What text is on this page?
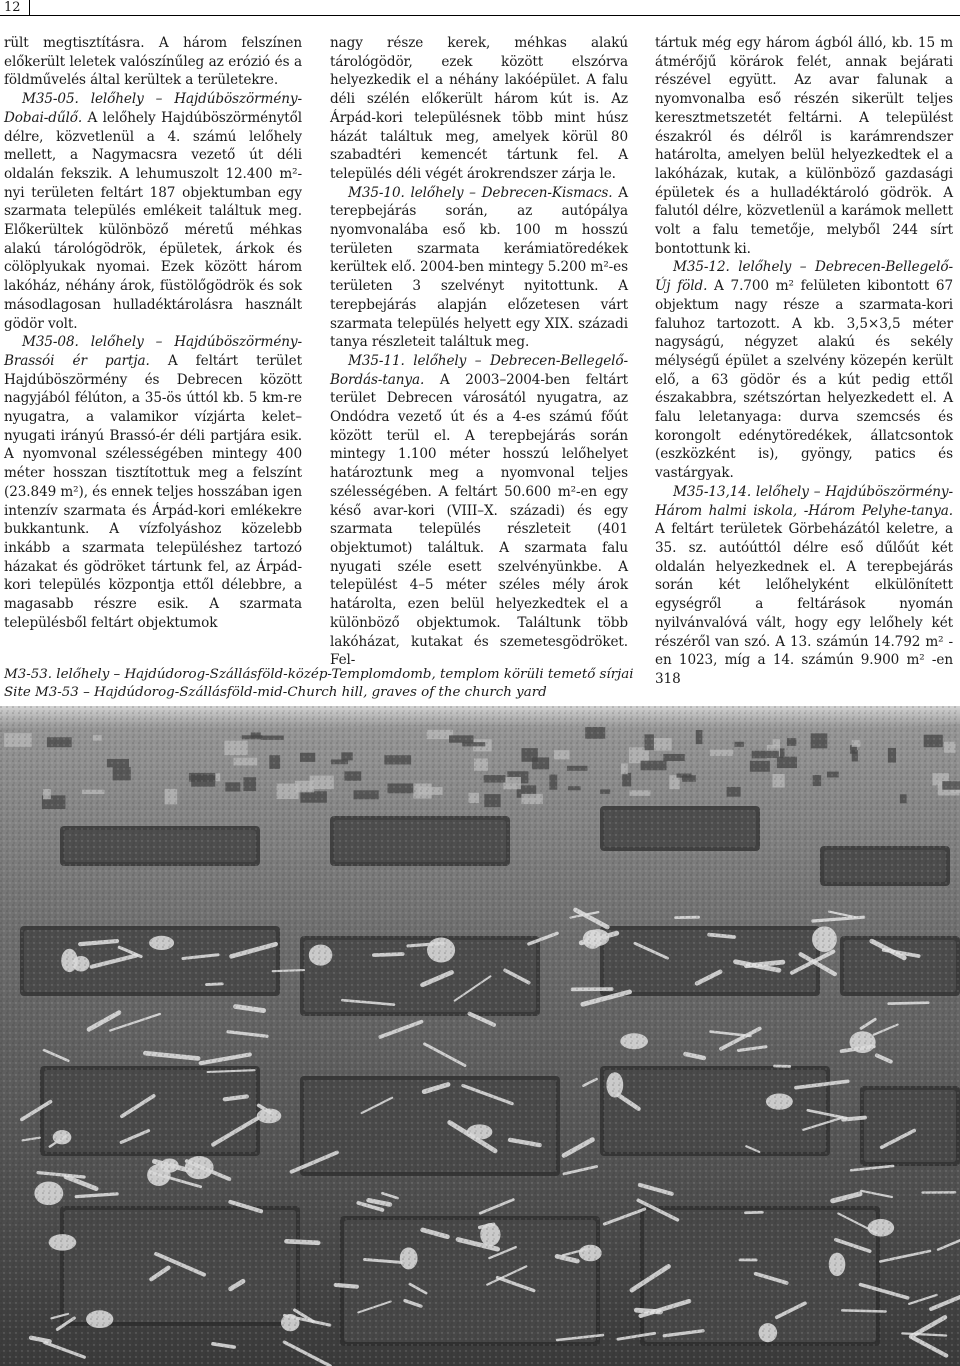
12

rült megtisztításra. A három felszínen előkerült leletek valószínűleg az erózió és a földművelés által kerültek a területekre.

M35-05. lelőhely – Hajdúböszörmény-Dobai-dűlő. A lelőhely Hajdúböszörménytől délre, közvetlenül a 4. számú lelőhely mellett, a Nagymacsra vezető út déli oldalán fekszik. A lehumuszolt 12.400 m²-nyi területen feltárt 187 objektumban egy szarmata település emlékeit találtuk meg. Előkerültek különböző méretű méhkas alakú tárológödrök, épületek, árkok és cölöplyukak nyomai. Ezek között három lakóház, néhány árok, füstölőgödrök és sok másodlagosan hulladéktárolásra használt gödör volt.

M35-08. lelőhely – Hajdúböszörmény-Brassói ér partja. A feltárt terület Hajdúböszörmény és Debrecen között nagyjából félúton, a 35-ös úttól kb. 5 km-re nyugatra, a valamikor vízjárta kelet–nyugati irányú Brassó-ér déli partjára esik. A nyomvonal szélességében mintegy 400 méter hosszan tisztítottuk meg a felszínt (23.849 m²), és ennek teljes hosszában igen intenzív szarmata és Árpád-kori emlékekre bukkantunk. A vízfolyáshoz közelebb inkább a szarmata településhez tartozó házakat és gödröket tártunk fel, az Árpád-kori település központja ettől délebbre, a magasabb részre esik. A szarmata településből feltárt objektumok

nagy része kerek, méhkas alakú tárológödör, ezek között elszórva helyezkedik el a néhány lakóépület. A falu déli szélén előkerült három kút is. Az Árpád-kori településnek több mint húsz házát találtuk meg, amelyek körül 80 szabadtéri kemencét tártunk fel. A település déli végét árokrendszer zárja le.

M35-10. lelőhely – Debrecen-Kismacs. A terepbejárás során, az autópálya nyomvonalába eső kb. 100 m hosszú területen szarmata kerámiatöredékek kerültek elő. 2004-ben mintegy 5.200 m²-es területen 3 szelvényt nyitottunk. A terepbejárás alapján előzetesen várt szarmata település helyett egy XIX. századi tanya részleteit találtuk meg.

M35-11. lelőhely – Debrecen-Bellegelő-Bordás-tanya. A 2003–2004-ben feltárt terület Debrecen városától nyugatra, az Ondódra vezető út és a 4-es számú főút között terül el. A terepbejárás során mintegy 1.100 méter hosszú lelőhelyet határoztunk meg a nyomvonal teljes szélességében. A feltárt 50.600 m²-en egy késő avar-kori (VIII–X. századi) és egy szarmata település részleteit (401 objektumot) találtuk. A szarmata falu nyugati széle esett szelvényünkbe. A települést 4–5 méter széles mély árok határolta, ezen belül helyezkedtek el a különböző objektumok. Találtunk több lakóházat, kutakat és szemetesgödröket. Fel-

tártuk még egy három ágból álló, kb. 15 m átmérőjű körárok felét, annak bejárati részével együtt. Az avar falunak a nyomvonalba eső részén sikerült teljes keresztmetszetét feltárni. A települést északról és délről is karámrendszer határolta, amelyen belül helyezkedtek el a lakóházak, kutak, a különböző gazdasági épületek és a hulladéktároló gödrök. A falutól délre, közvetlenül a karámok mellett volt a falu temetője, melyből 244 sírt bontottunk ki.

M35-12. lelőhely – Debrecen-Bellegelő-Új föld. A 7.700 m² felületen kibontott 67 objektum nagy része a szarmata-kori faluhoz tartozott. A kb. 3,5×3,5 méter nagyságú, négyzet alakú és sekély mélységű épület a szelvény közepén került elő, a 63 gödör és a kút pedig ettől északabbra, szétszórtan helyezkedett el. A falu leletanyaga: durva szemcsés és korongolt edénytöredékek, állatcsontok (eszközként is), gyöngy, patics és vastárgyak.

M35-13,14. lelőhely – Hajdúböszörmény-Három halmi iskola, -Három Pelyhe-tanya. A feltárt területek Görbeházától keletre, a 35. sz. autóúttól délre eső dűlőút két oldalán helyezkednek el. A terepbejárás során két lelőhelyként elkülönített egységről a feltárások nyomán nyilvánvalóvá vált, hogy egy lelőhely két részéről van szó. A 13. számún 14.792 m² -en 1023, míg a 14. számún 9.900 m² -en 318

M3-53. lelőhely – Hajdúdorog-Szállásföld-közép-Templomdomb, templom körüli temető sírjai
Site M3-53 – Hajdúdorog-Szállásföld-mid-Church hill, graves of the church yard
